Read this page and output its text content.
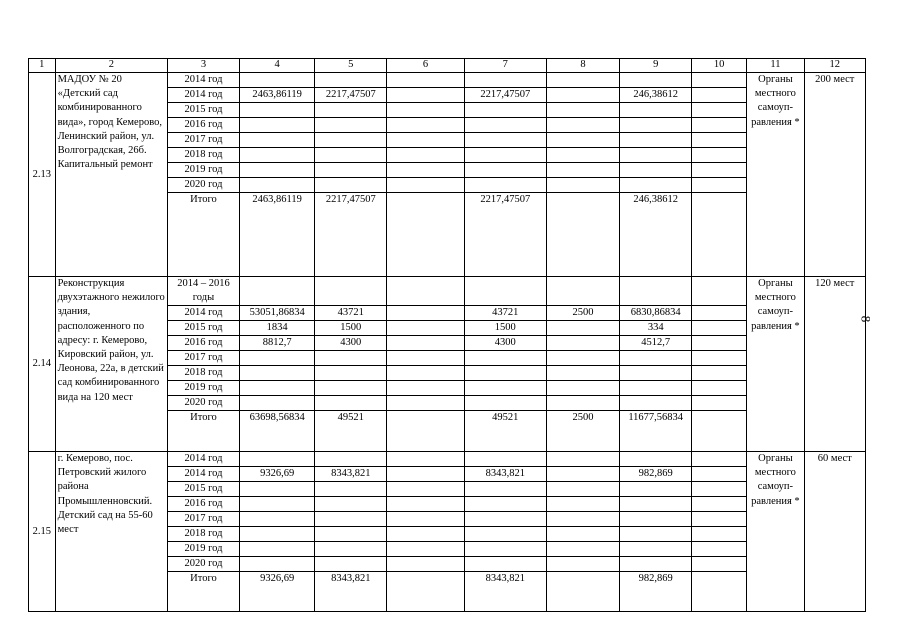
1	2	3	4	5	6	7	8	9	10	11	12
2.13	МАДОУ № 20 «Детский сад комбинированного вида», город Кемерово, Ленинский район, ул. Волгоградская, 26б. Капитальный ремонт	2014 год								Органы местного самоуп-равления *	200 мест
		2014 год	2463,86119	2217,47507		2217,47507		246,38612			
		2015 год									
		2016 год									
		2017 год									
		2018 год									
		2019 год									
		2020 год									
		Итого	2463,86119	2217,47507		2217,47507		246,38612			
2.14	Реконструкция двухэтажного нежилого здания, расположенного по адресу: г. Кемерово, Кировский район, ул. Леонова, 22а, в детский сад комбинированного вида на 120 мест	2014 – 2016 годы								Органы местного самоуп-равления *	120 мест
		2014 год	53051,86834	43721		43721	2500	6830,86834			
		2015 год	1834	1500		1500		334			
		2016 год	8812,7	4300		4300		4512,7			
		2017 год									
		2018 год									
		2019 год									
		2020 год									
		Итого	63698,56834	49521		49521	2500	11677,56834			
2.15	г. Кемерово, пос. Петровский жилого района Промышленновский. Детский сад на 55-60 мест	2014 год								Органы местного самоуп-равления *	60 мест
		2014 год	9326,69	8343,821		8343,821		982,869			
		2015 год									
		2016 год									
		2017 год									
		2018 год									
		2019 год									
		2020 год									
		Итого	9326,69	8343,821		8343,821		982,869			
8
